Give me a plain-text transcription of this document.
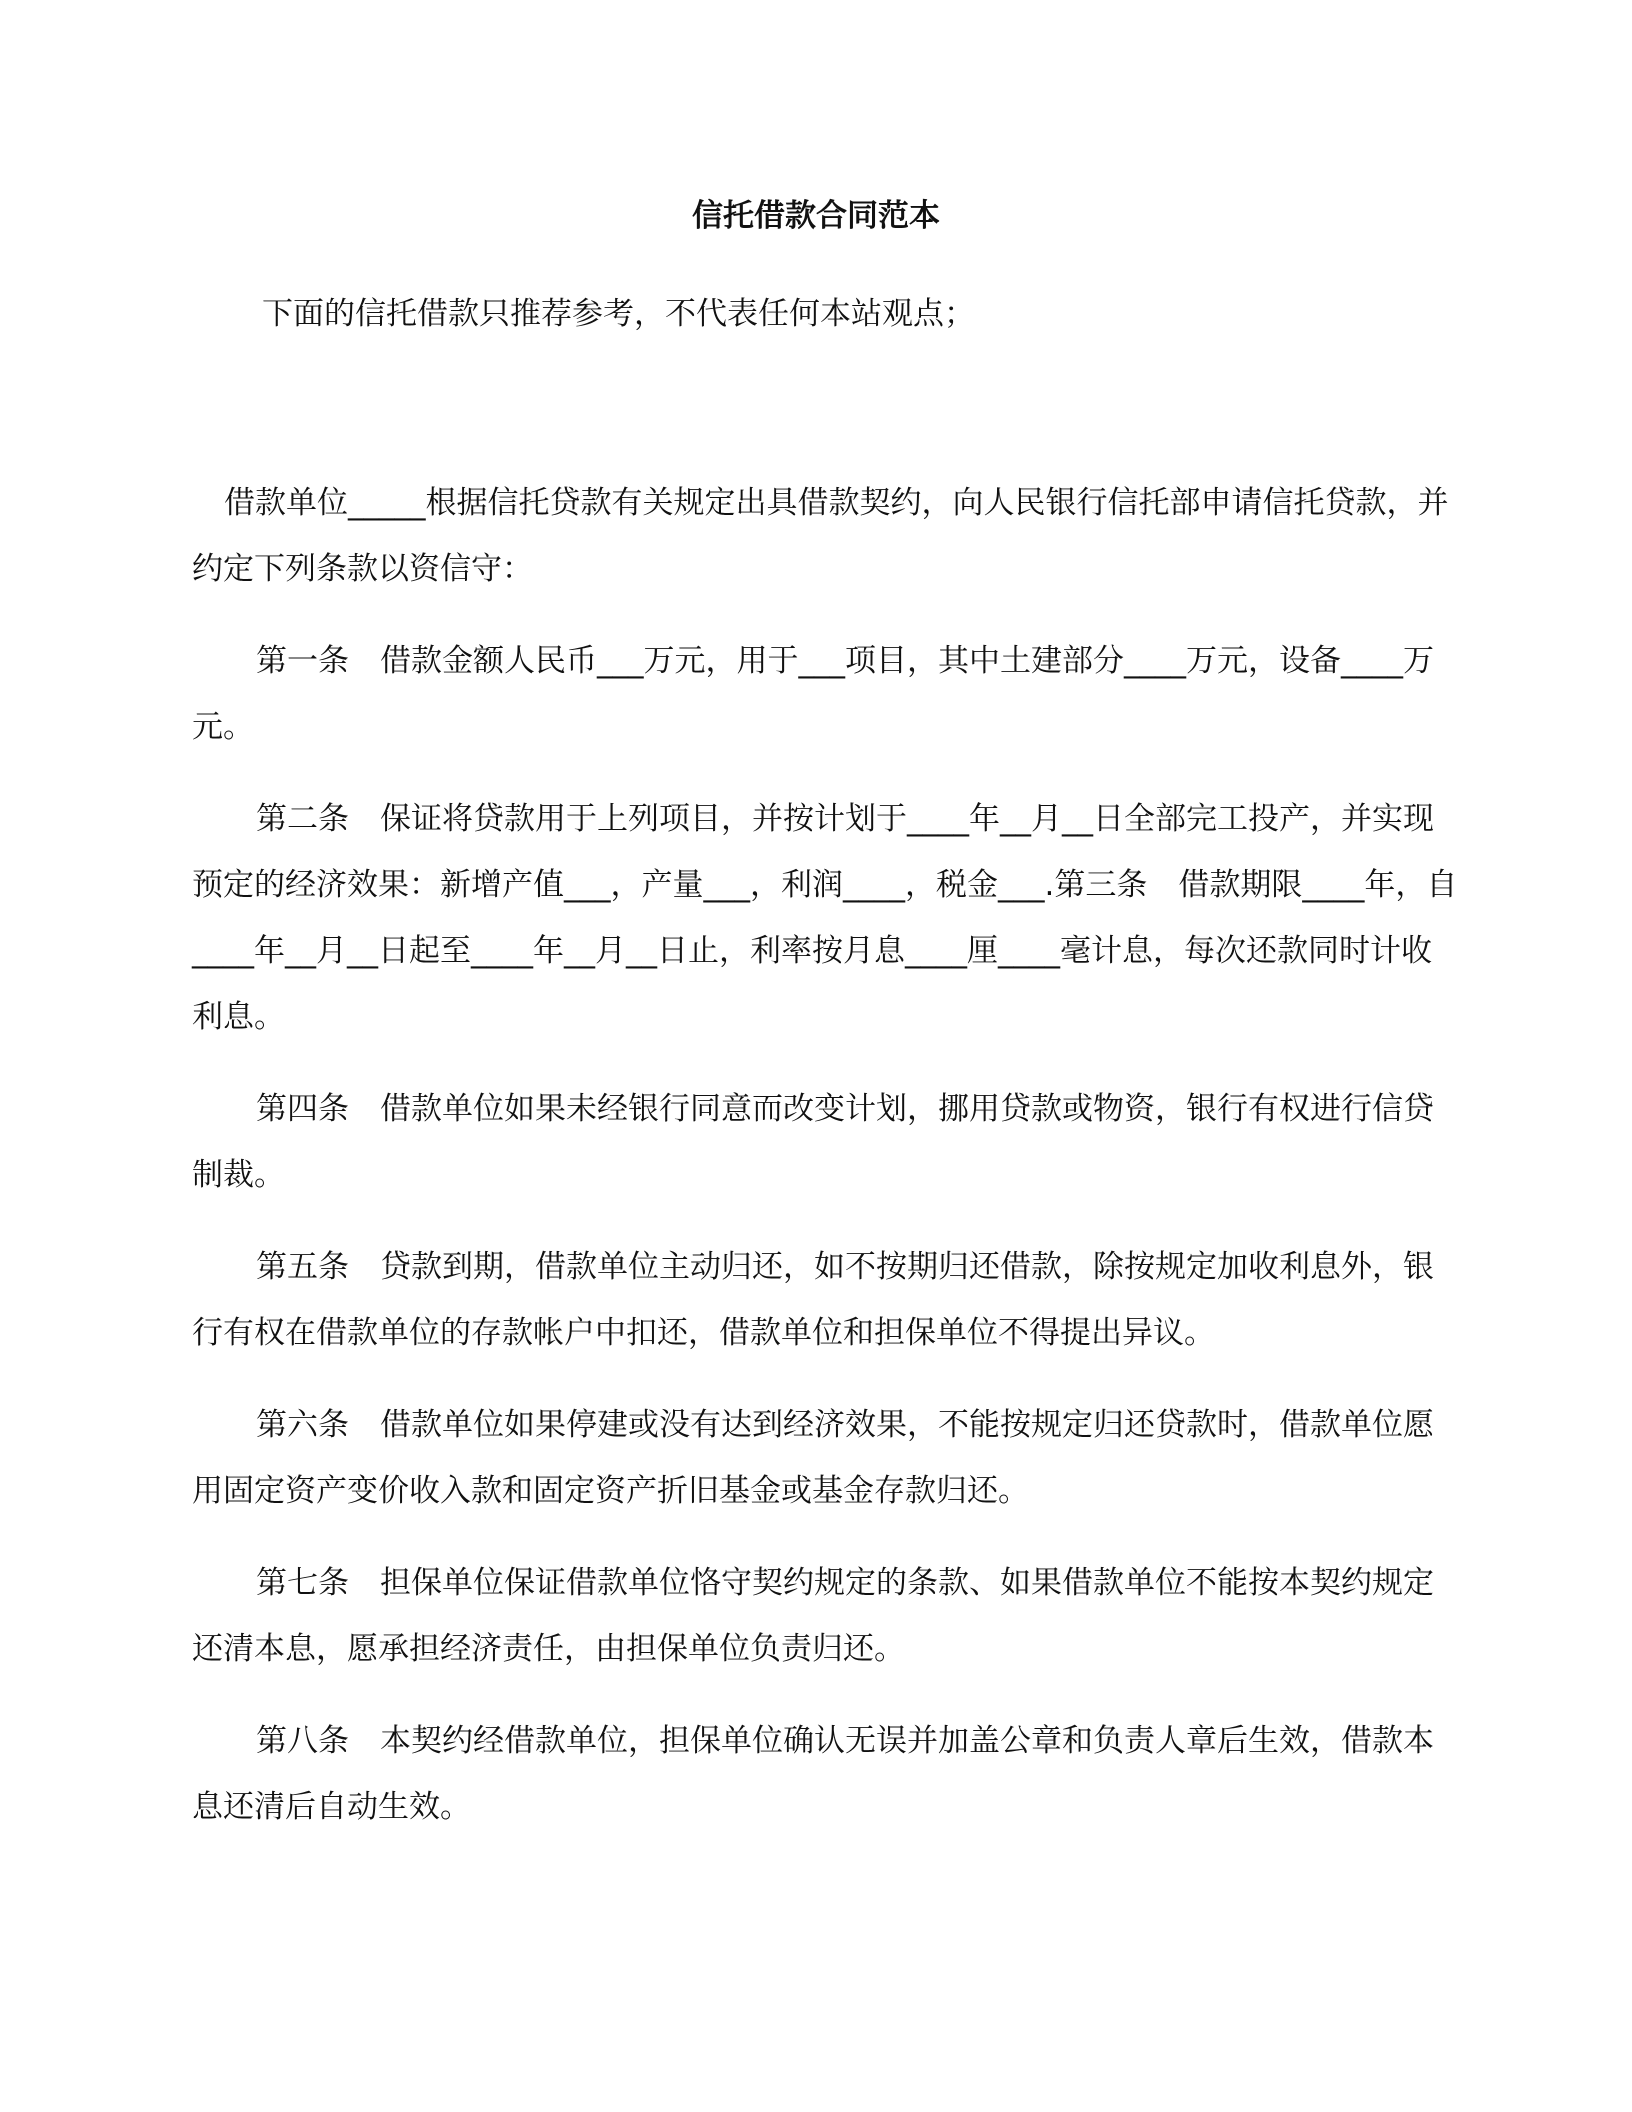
信托借款合同范本
下面的信托借款只推荐参考，不代表任何本站观点；

借款单位_____根据信托贷款有关规定出具借款契约，向人民银行信托部申请信托贷款，并约定下列条款以资信守：

第一条　借款金额人民币___万元，用于___项目，其中土建部分____万元，设备____万元。

第二条　保证将贷款用于上列项目，并按计划于____年__月__日全部完工投产，并实现预定的经济效果：新增产值___，产量___，利润____，税金___.第三条　借款期限____年，自____年__月__日起至____年__月__日止，利率按月息____厘____毫计息，每次还款同时计收利息。

第四条　借款单位如果未经银行同意而改变计划，挪用贷款或物资，银行有权进行信贷制裁。

第五条　贷款到期，借款单位主动归还，如不按期归还借款，除按规定加收利息外，银行有权在借款单位的存款帐户中扣还，借款单位和担保单位不得提出异议。

第六条　借款单位如果停建或没有达到经济效果，不能按规定归还贷款时，借款单位愿用固定资产变价收入款和固定资产折旧基金或基金存款归还。

第七条　担保单位保证借款单位恪守契约规定的条款、如果借款单位不能按本契约规定还清本息，愿承担经济责任，由担保单位负责归还。

第八条　本契约经借款单位，担保单位确认无误并加盖公章和负责人章后生效，借款本息还清后自动生效。
